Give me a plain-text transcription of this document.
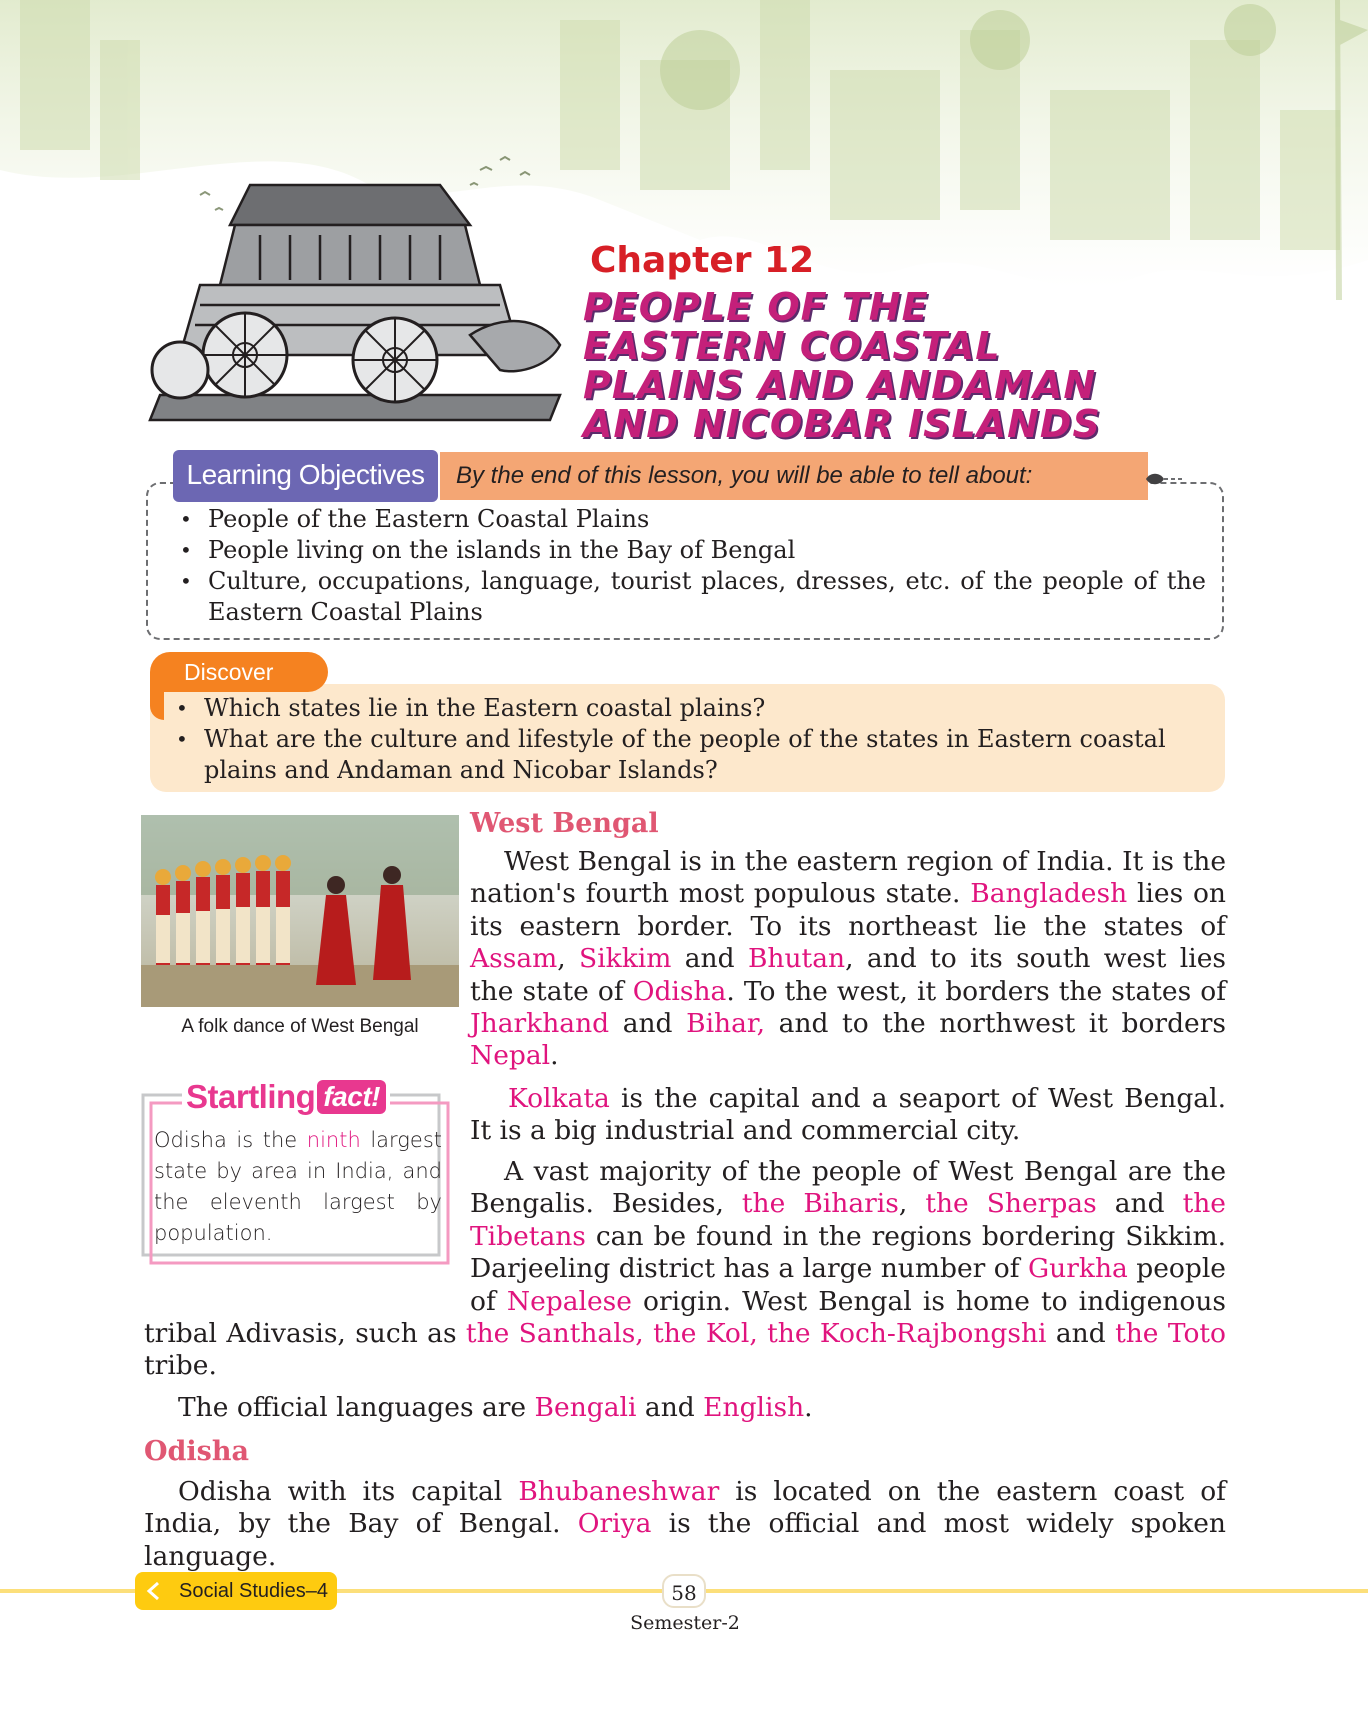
Chapter 12
PEOPLE OF THE EASTERN COASTAL PLAINS AND ANDAMAN AND NICOBAR ISLANDS
Learning Objectives	By the end of this lesson, you will be able to tell about:
• People of the Eastern Coastal Plains
• People living on the islands in the Bay of Bengal
• Culture, occupations, language, tourist places, dresses, etc. of the people of the Eastern Coastal Plains
Discover
• Which states lie in the Eastern coastal plains?
• What are the culture and lifestyle of the people of the states in Eastern coastal plains and Andaman and Nicobar Islands?

A folk dance of West Bengal

Startling fact!

Odisha is the ninth largest state by area in India, and the eleventh largest by population.

West Bengal

West Bengal is in the eastern region of India. It is the nation's fourth most populous state. Bangladesh lies on its eastern border. To its northeast lie the states of Assam, Sikkim and Bhutan, and to its south west lies the state of Odisha. To the west, it borders the states of Jharkhand and Bihar, and to the northwest it borders Nepal.

Kolkata is the capital and a seaport of West Bengal. It is a big industrial and commercial city.

A vast majority of the people of West Bengal are the Bengalis. Besides, the Biharis, the Sherpas and the Tibetans can be found in the regions bordering Sikkim. Darjeeling district has a large number of Gurkha people of Nepalese origin. West Bengal is home to indigenous

tribal Adivasis, such as the Santhals, the Kol, the Koch-Rajbongshi and the Toto tribe.

The official languages are Bengali and English.

Odisha

Odisha with its capital Bhubaneshwar is located on the eastern coast of India, by the Bay of Bengal. Oriya is the official and most widely spoken language.

Social Studies–4	58

Semester-2
